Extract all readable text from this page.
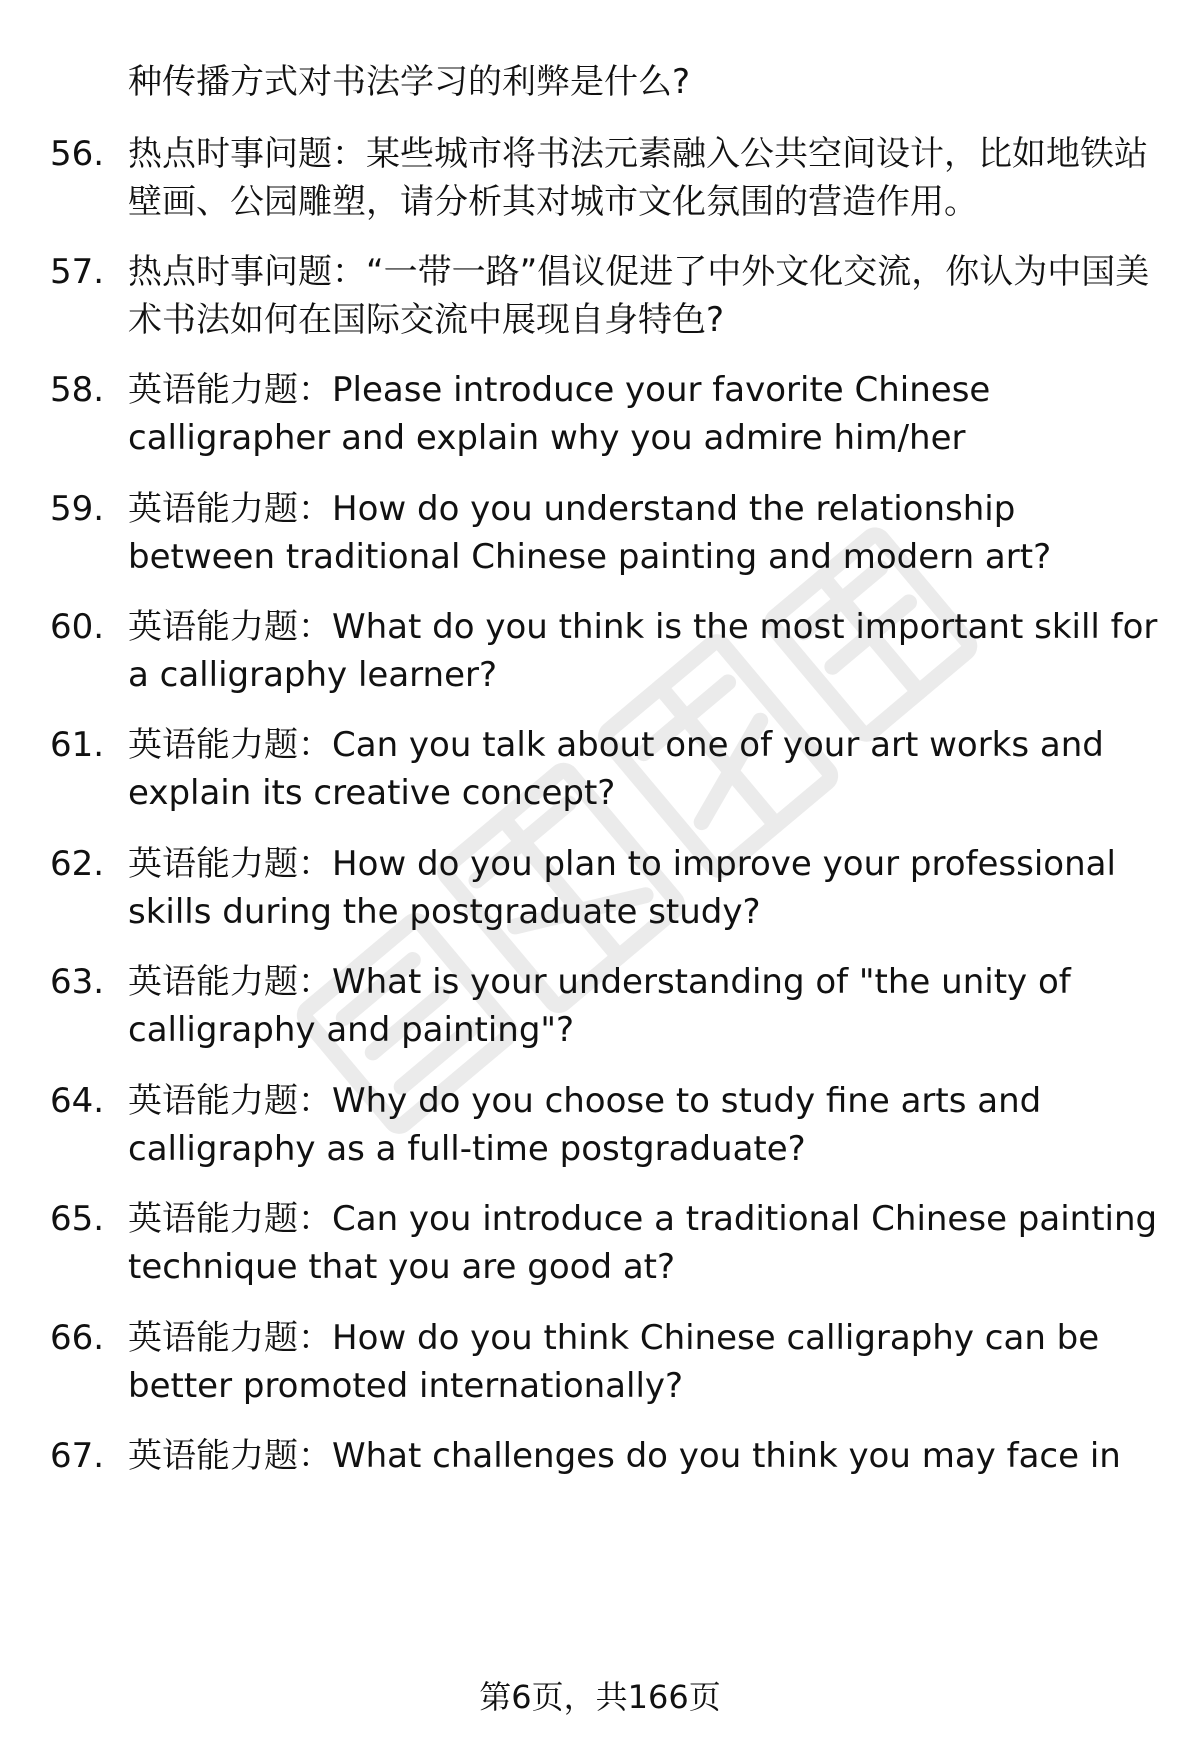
种传播方式对书法学习的利弊是什么?
56. 热点时事问题：某些城市将书法元素融入公共空间设计，比如地铁站壁画、公园雕塑，请分析其对城市文化氛围的营造作用。
57. 热点时事问题：“一带一路”倡议促进了中外文化交流，你认为中国美术书法如何在国际交流中展现自身特色?
58. 英语能力题：Please introduce your favorite Chinese calligrapher and explain why you admire him/her
59. 英语能力题：How do you understand the relationship between traditional Chinese painting and modern art?
60. 英语能力题：What do you think is the most important skill for a calligraphy learner?
61. 英语能力题：Can you talk about one of your art works and explain its creative concept?
62. 英语能力题：How do you plan to improve your professional skills during the postgraduate study?
63. 英语能力题：What is your understanding of "the unity of calligraphy and painting"?
64. 英语能力题：Why do you choose to study fine arts and calligraphy as a full-time postgraduate?
65. 英语能力题：Can you introduce a traditional Chinese painting technique that you are good at?
66. 英语能力题：How do you think Chinese calligraphy can be better promoted internationally?
67. 英语能力题：What challenges do you think you may face in
第6页，共166页
